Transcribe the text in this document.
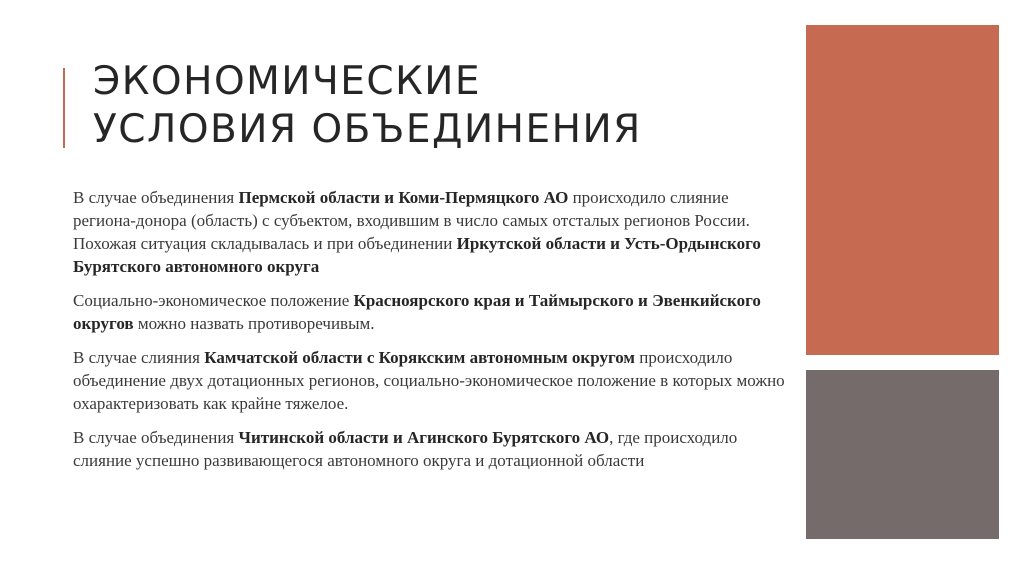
ЭКОНОМИЧЕСКИЕ
УСЛОВИЯ ОБЪЕДИНЕНИЯ

В случае объединения Пермской области и Коми-Пермяцкого АО происходило слияние региона-донора (область) с субъектом, входившим в число самых отсталых регионов России. Похожая ситуация складывалась и при объединении Иркутской области и Усть-Ордынского Бурятского автономного округа

Социально-экономическое положение Красноярского края и Таймырского и Эвенкийского округов можно назвать противоречивым.

В случае слияния Камчатской области с Корякским автономным округом происходило объединение двух дотационных регионов, социально-экономическое положение в которых можно охарактеризовать как крайне тяжелое.

В случае объединения Читинской области и Агинского Бурятского АО, где происходило слияние успешно развивающегося автономного округа и дотационной области
